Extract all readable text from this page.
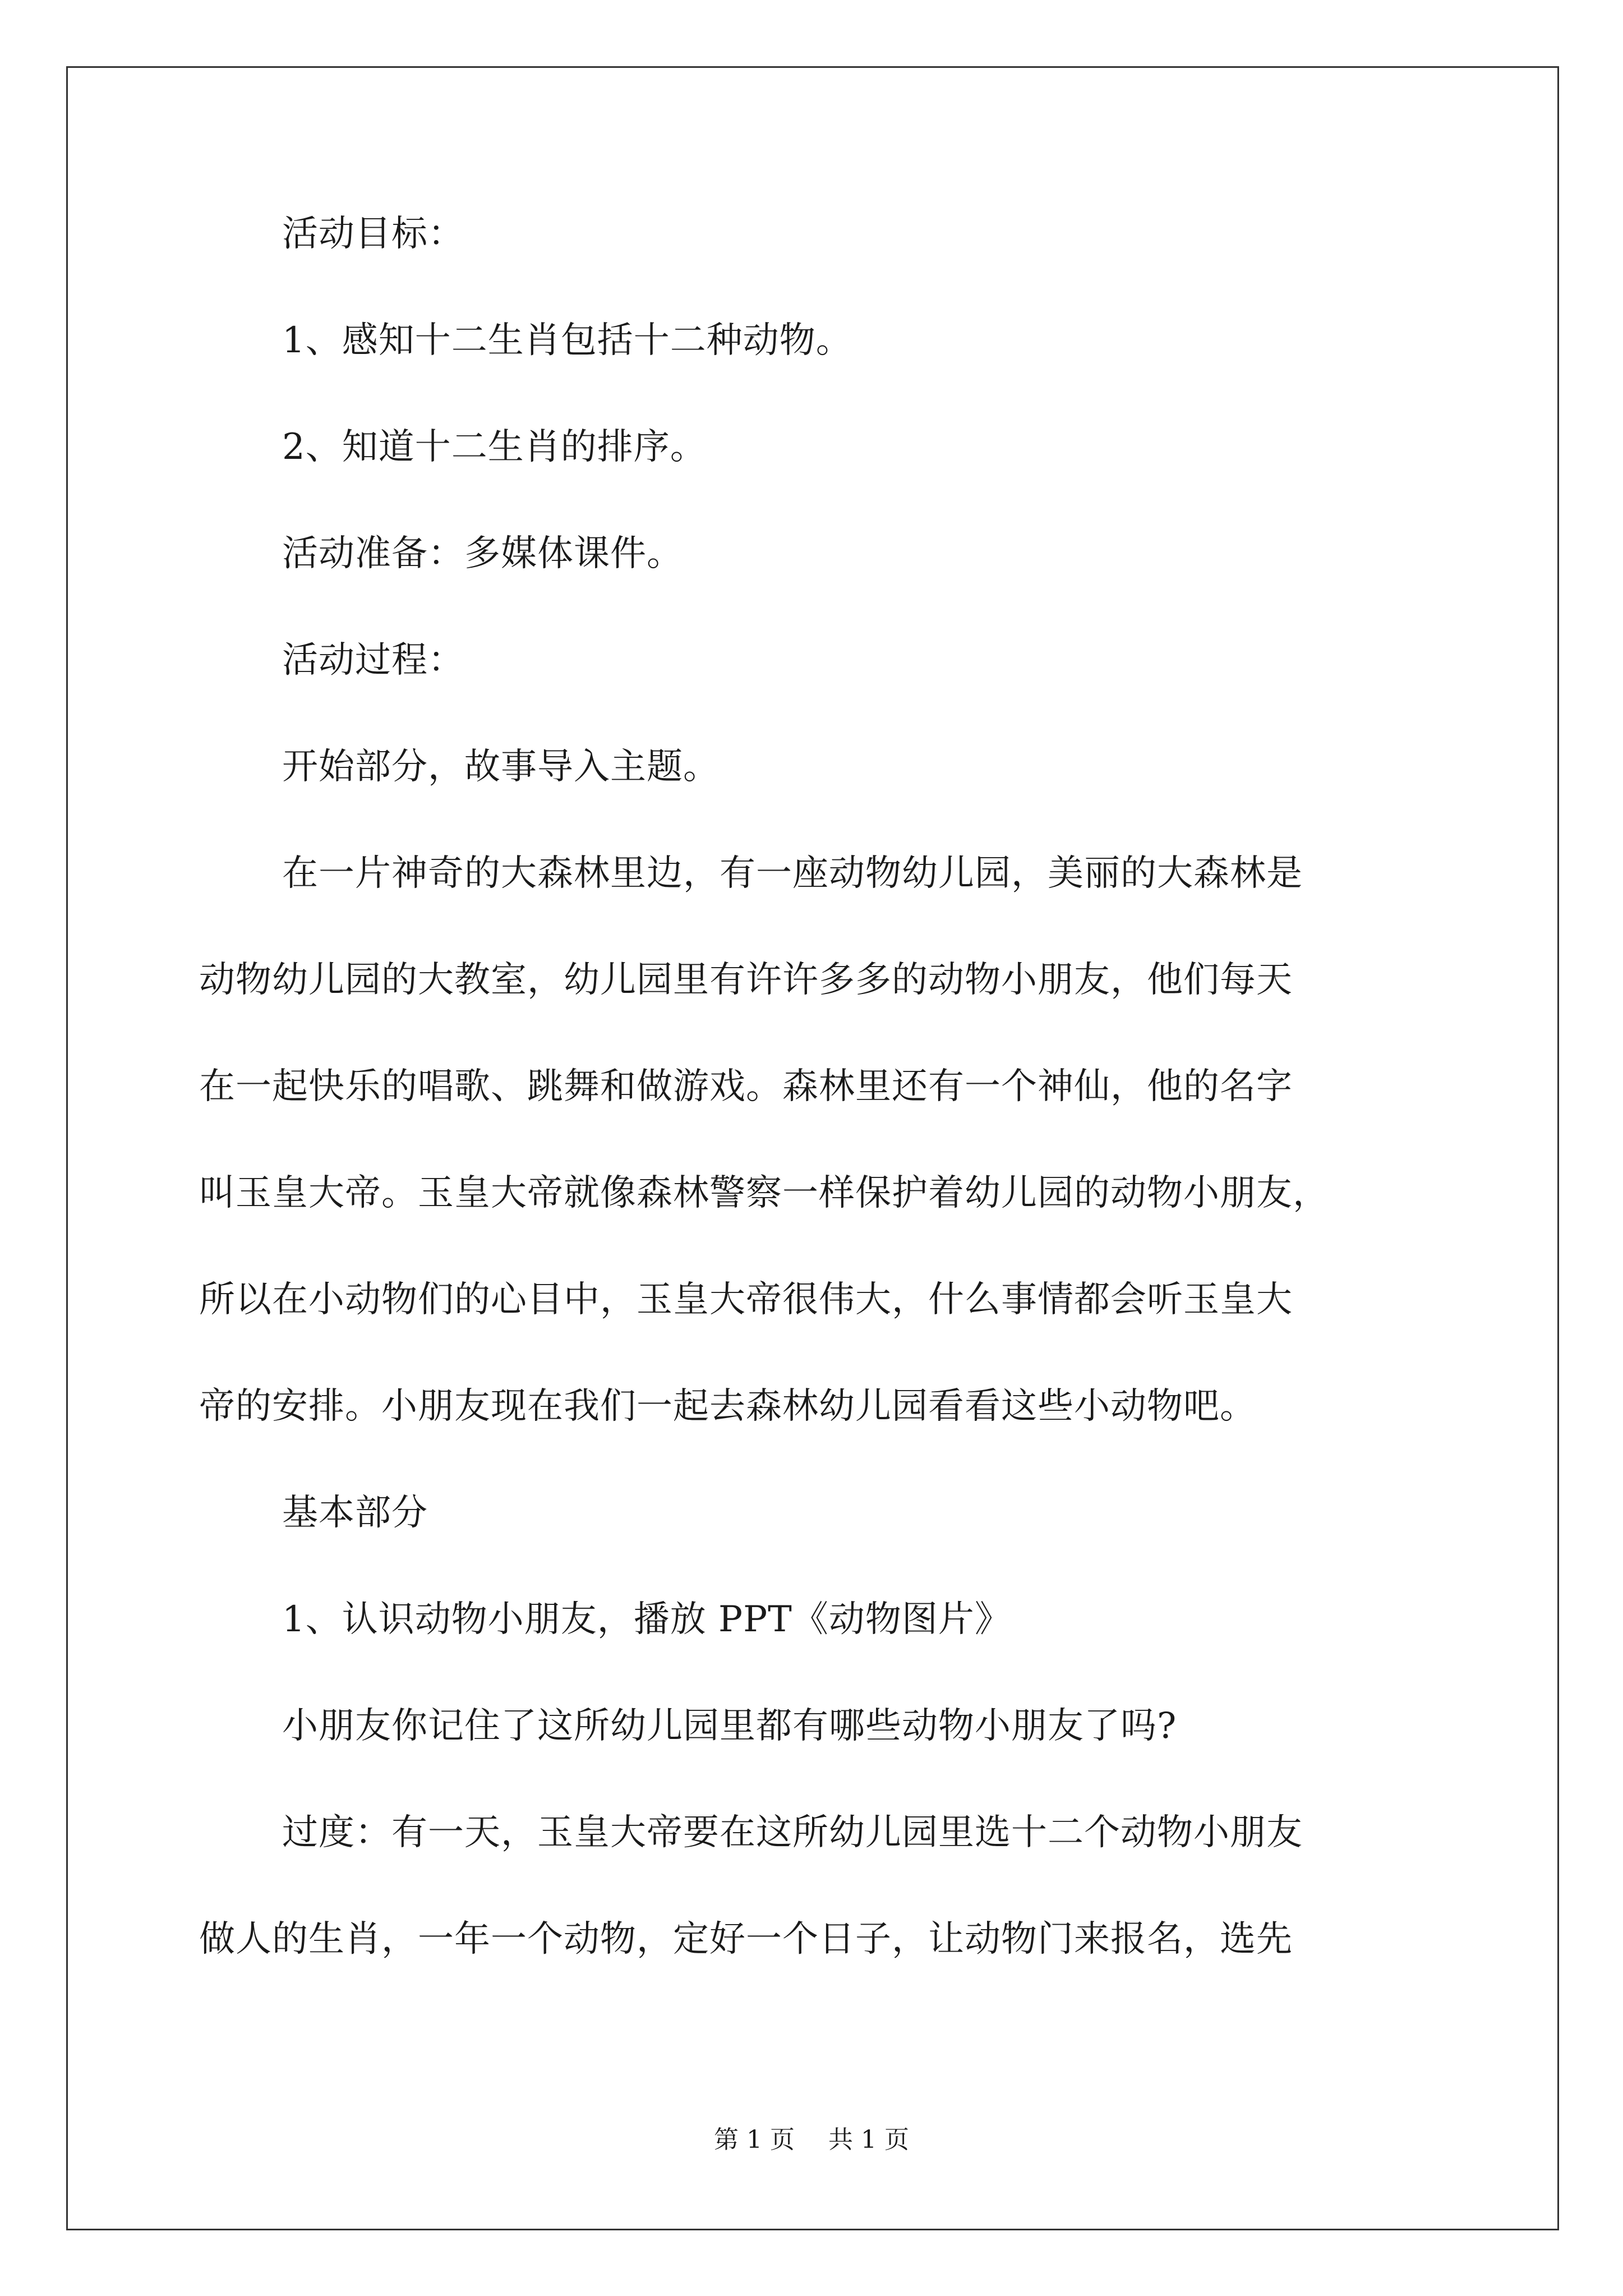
活动目标：
1、感知十二生肖包括十二种动物。
2、知道十二生肖的排序。
活动准备：多媒体课件。
活动过程：
开始部分，故事导入主题。
在一片神奇的大森林里边，有一座动物幼儿园，美丽的大森林是
动物幼儿园的大教室，幼儿园里有许许多多的动物小朋友，他们每天
在一起快乐的唱歌、跳舞和做游戏。森林里还有一个神仙，他的名字
叫玉皇大帝。玉皇大帝就像森林警察一样保护着幼儿园的动物小朋友，
所以在小动物们的心目中，玉皇大帝很伟大，什么事情都会听玉皇大
帝的安排。小朋友现在我们一起去森林幼儿园看看这些小动物吧。
基本部分
1、认识动物小朋友，播放 PPT《动物图片》
小朋友你记住了这所幼儿园里都有哪些动物小朋友了吗?
过度：有一天，玉皇大帝要在这所幼儿园里选十二个动物小朋友
做人的生肖，一年一个动物，定好一个日子，让动物门来报名，选先
第 1 页 共 1 页
